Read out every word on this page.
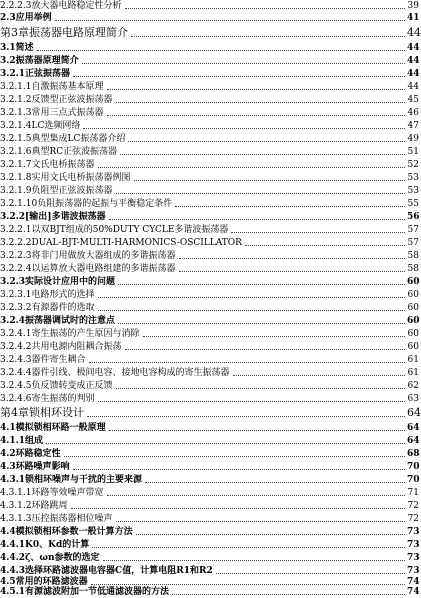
2.2.2.3放大器电路稳定性分析	39
2.3应用举例	41
第3章振荡器电路原理简介	44
3.1简述	44
3.2振荡器原理简介	44
3.2.1正弦振荡器	44
3.2.1.1自激振荡基本原理	44
3.2.1.2反馈型正弦波振荡器	45
3.2.1.3常用三点式振荡器	46
3.2.1.4LC选频网络	47
3.2.1.5典型集成LC振荡器介绍	49
3.2.1.6典型RC正弦波振荡器	51
3.2.1.7文氏电桥振荡器	52
3.2.1.8实用文氏电桥振荡器例图	53
3.2.1.9负阻型正弦波振荡器	53
3.2.1.10负阻振荡器的起振与平衡稳定条件	55
3.2.2[输出]多谐波振荡器	56
3.2.2.1以双BJT组成的50%DUTY CYCLE多谐波振荡器	57
3.2.2.2DUAL-BJT-MULTI-HARMONICS-OSCILLATOR	57
3.2.2.3将非门用做放大器组成的多谐振荡器	58
3.2.2.4以运算放大器电路组建的多谐振荡器	58
3.2.3实际设计应用中的问题	60
3.2.3.1电路形式的选择	60
3.2.3.2有源器件的选取	60
3.2.4振荡器调试时的注意点	60
3.2.4.1寄生振荡的产生原因与消除	60
3.2.4.2共用电源内阻耦合振荡	60
3.2.4.3器件寄生耦合	61
3.2.4.4器件引线、极间电容、接地电容构成的寄生振荡器	61
3.2.4.5负反馈转变成正反馈	62
3.2.4.6寄生振荡的判别	63
第4章锁相环设计	64
4.1模拟锁相环路一般原理	64
4.1.1组成	64
4.2环路稳定性	68
4.3环路噪声影响	70
4.3.1锁相环噪声与干扰的主要来源	70
4.3.1.1环路等效噪声带宽	71
4.3.1.2环路跳周	72
4.3.1.3压控振荡器相位噪声	72
4.4模拟锁相环参数一般计算方法	73
4.4.1K0、Kd的计算	73
4.4.2ζ、ωn参数的选定	73
4.4.3选择环路滤波器电容器C值，计算电阻R1和R2	73
4.5常用的环路滤波器	74
4.5.1有源滤波附加一节低通滤波器的方法	74
